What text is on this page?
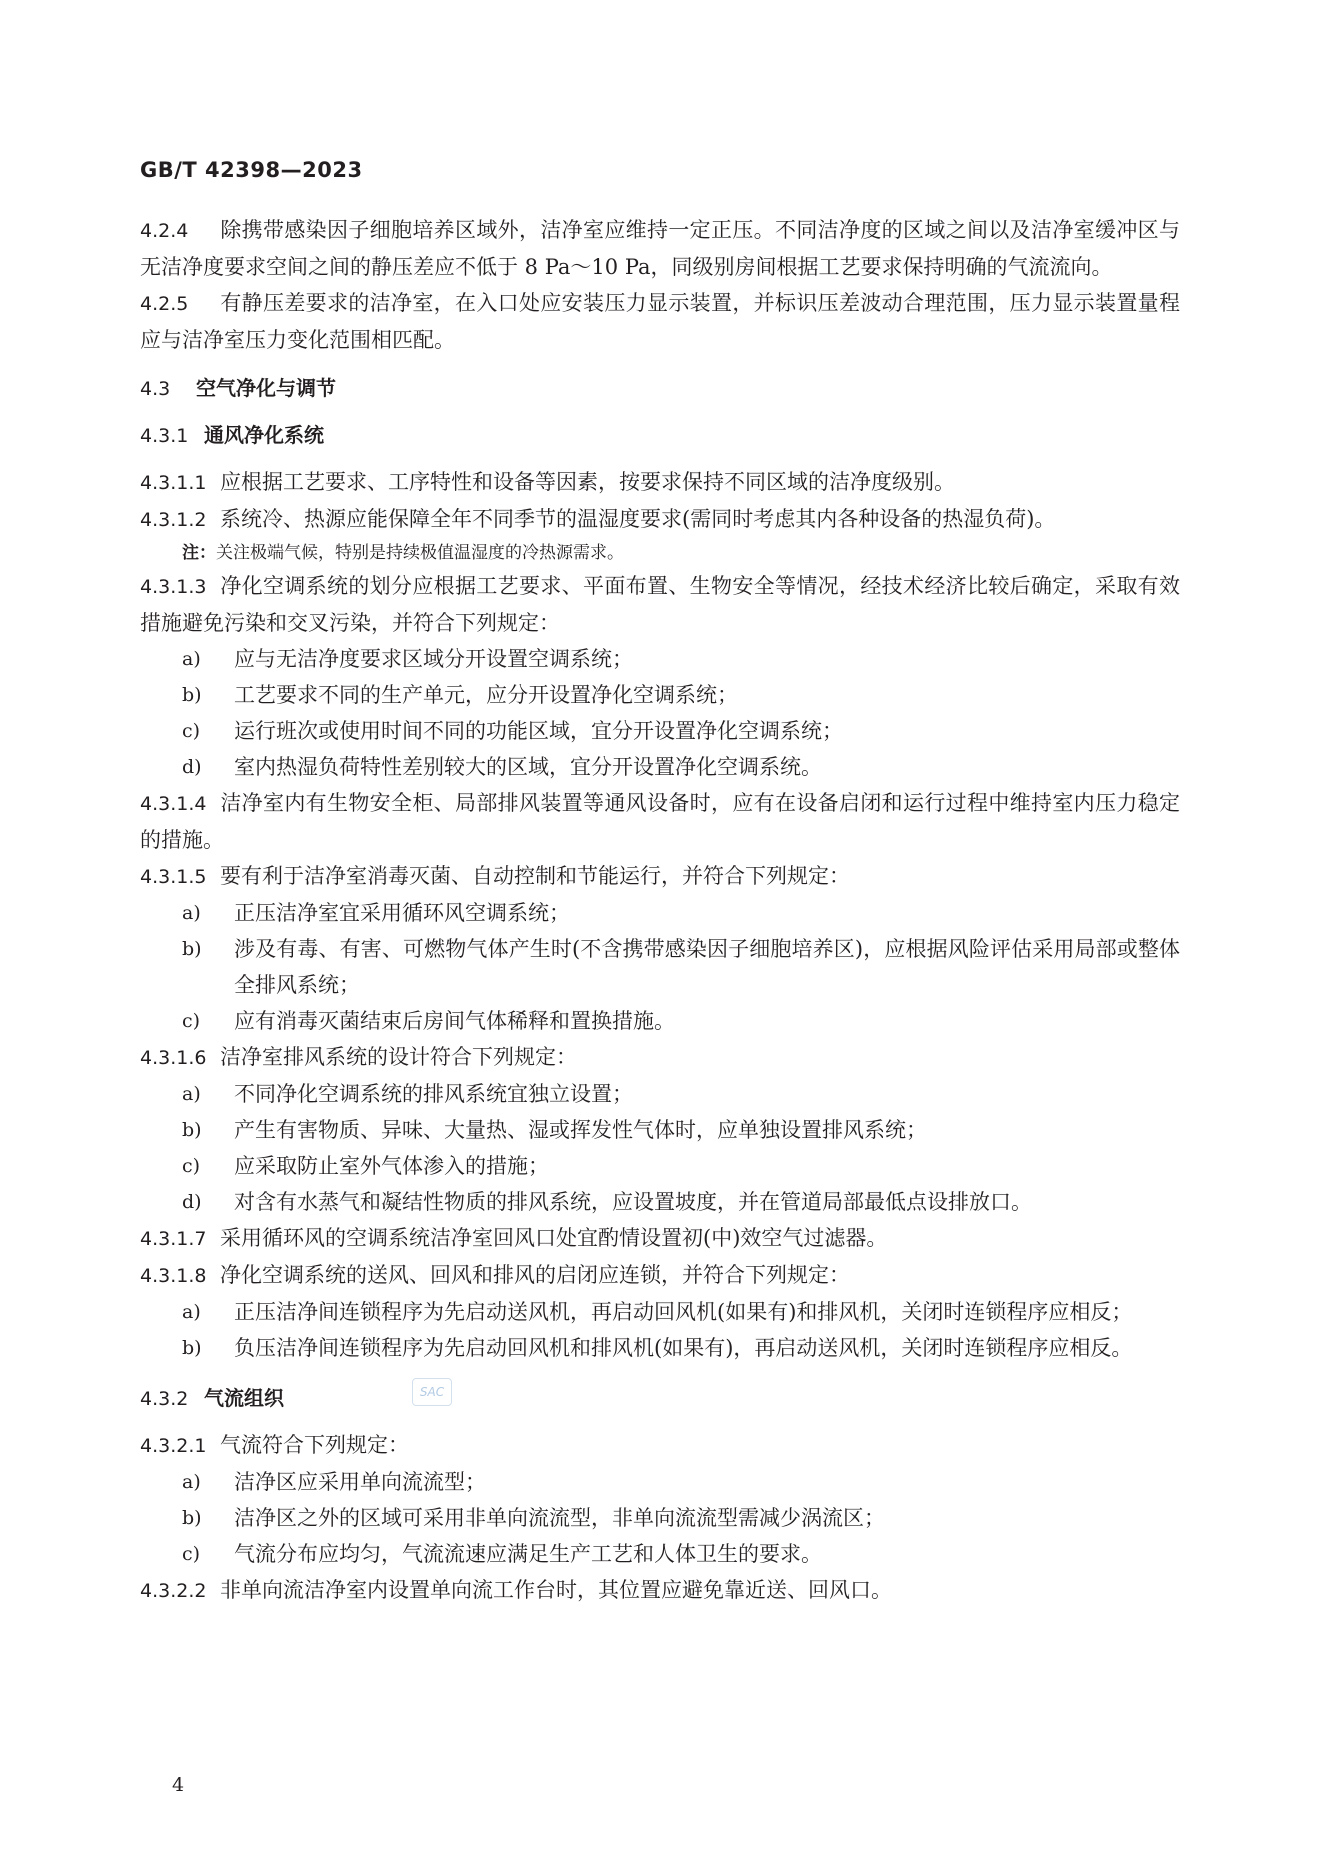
GB/T 42398—2023

4.2.4 除携带感染因子细胞培养区域外，洁净室应维持一定正压。不同洁净度的区域之间以及洁净室缓冲区与无洁净度要求空间之间的静压差应不低于 8 Pa～10 Pa，同级别房间根据工艺要求保持明确的气流流向。

4.2.5 有静压差要求的洁净室，在入口处应安装压力显示装置，并标识压差波动合理范围，压力显示装置量程应与洁净室压力变化范围相匹配。

4.3 空气净化与调节

4.3.1 通风净化系统

4.3.1.1 应根据工艺要求、工序特性和设备等因素，按要求保持不同区域的洁净度级别。

4.3.1.2 系统冷、热源应能保障全年不同季节的温湿度要求(需同时考虑其内各种设备的热湿负荷)。

注：关注极端气候，特别是持续极值温湿度的冷热源需求。

4.3.1.3 净化空调系统的划分应根据工艺要求、平面布置、生物安全等情况，经技术经济比较后确定，采取有效措施避免污染和交叉污染，并符合下列规定：

a) 应与无洁净度要求区域分开设置空调系统；

b) 工艺要求不同的生产单元，应分开设置净化空调系统；

c) 运行班次或使用时间不同的功能区域，宜分开设置净化空调系统；

d) 室内热湿负荷特性差别较大的区域，宜分开设置净化空调系统。

4.3.1.4 洁净室内有生物安全柜、局部排风装置等通风设备时，应有在设备启闭和运行过程中维持室内压力稳定的措施。

4.3.1.5 要有利于洁净室消毒灭菌、自动控制和节能运行，并符合下列规定：

a) 正压洁净室宜采用循环风空调系统；

b) 涉及有毒、有害、可燃物气体产生时(不含携带感染因子细胞培养区)，应根据风险评估采用局部或整体全排风系统；

c) 应有消毒灭菌结束后房间气体稀释和置换措施。

4.3.1.6 洁净室排风系统的设计符合下列规定：

a) 不同净化空调系统的排风系统宜独立设置；

b) 产生有害物质、异味、大量热、湿或挥发性气体时，应单独设置排风系统；

c) 应采取防止室外气体渗入的措施；

d) 对含有水蒸气和凝结性物质的排风系统，应设置坡度，并在管道局部最低点设排放口。

4.3.1.7 采用循环风的空调系统洁净室回风口处宜酌情设置初(中)效空气过滤器。

4.3.1.8 净化空调系统的送风、回风和排风的启闭应连锁，并符合下列规定：

a) 正压洁净间连锁程序为先启动送风机，再启动回风机(如果有)和排风机，关闭时连锁程序应相反；

b) 负压洁净间连锁程序为先启动回风机和排风机(如果有)，再启动送风机，关闭时连锁程序应相反。

4.3.2 气流组织

4.3.2.1 气流符合下列规定：

a) 洁净区应采用单向流流型；

b) 洁净区之外的区域可采用非单向流流型，非单向流流型需减少涡流区；

c) 气流分布应均匀，气流流速应满足生产工艺和人体卫生的要求。

4.3.2.2 非单向流洁净室内设置单向流工作台时，其位置应避免靠近送、回风口。

SAC
4
